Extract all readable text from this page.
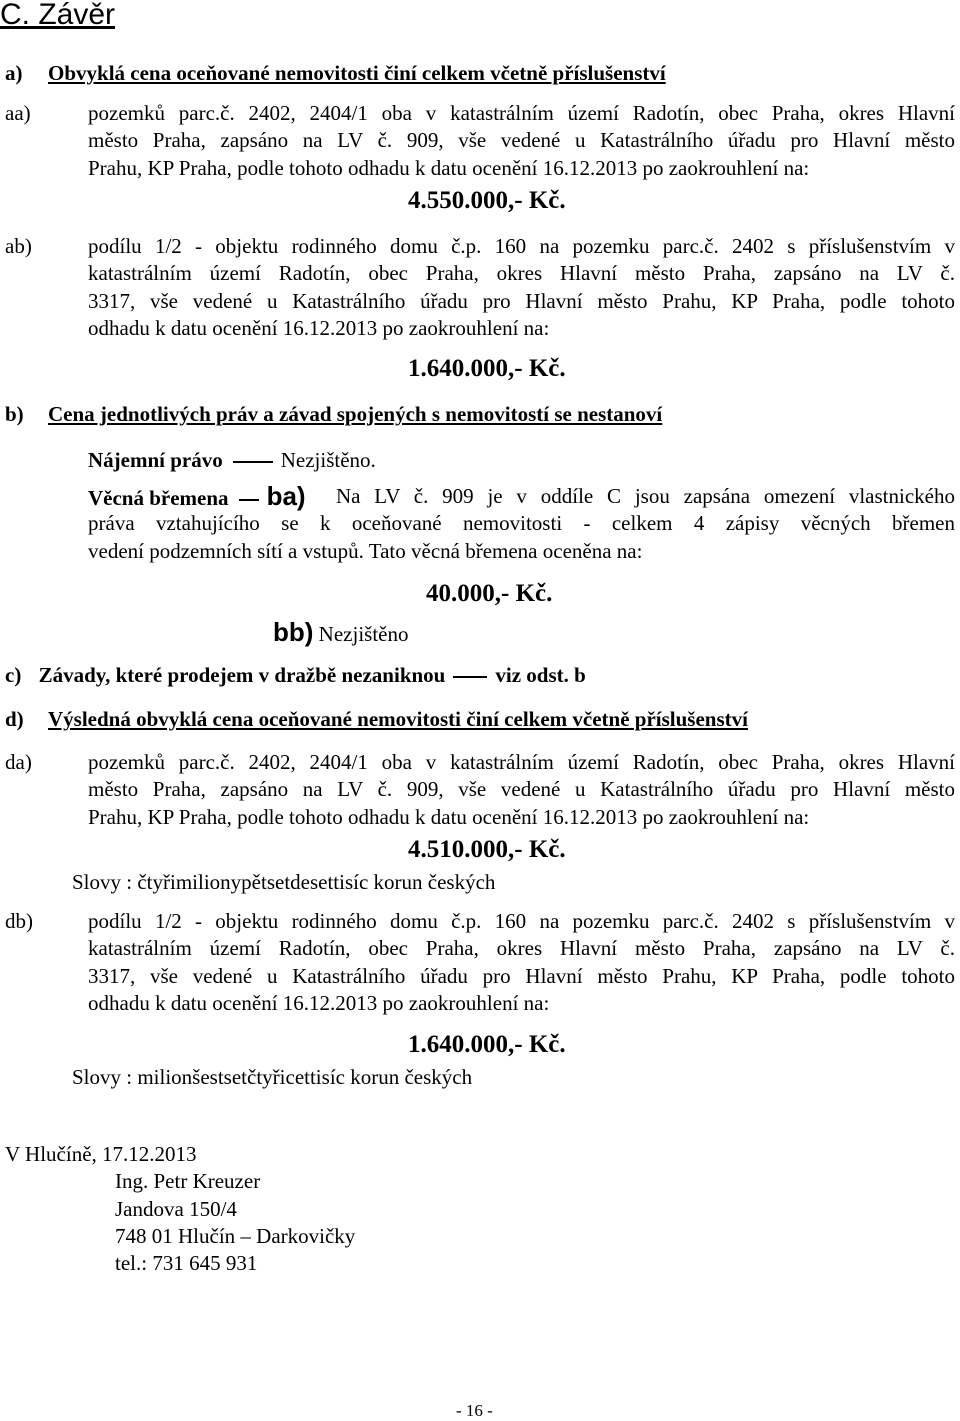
C. Závěr
a) Obvyklá cena oceňované nemovitosti činí celkem včetně příslušenství
aa)	pozemků parc.č. 2402, 2404/1 oba v katastrálním území Radotín, obec Praha, okres Hlavní
město Praha, zapsáno na LV č. 909, vše vedené u Katastrálního úřadu pro Hlavní město
Prahu, KP Praha, podle tohoto odhadu k datu ocenění 16.12.2013 po zaokrouhlení na:
4.550.000,- Kč.
ab)	podílu 1/2 - objektu rodinného domu č.p. 160 na pozemku parc.č. 2402 s příslušenstvím v
katastrálním území Radotín, obec Praha, okres Hlavní město Praha, zapsáno na LV č.
3317, vše vedené u Katastrálního úřadu pro Hlavní město Prahu, KP Praha, podle tohoto
odhadu k datu ocenění 16.12.2013 po zaokrouhlení na:
1.640.000,- Kč.
b) Cena jednotlivých práv a závad spojených s nemovitostí se nestanoví
Nájemní právo	Nezjištěno.
Věcná břemena ba) Na LV č. 909 je v oddíle C jsou zapsána omezení vlastnického
práva vztahujícího se k oceňované nemovitosti - celkem 4 zápisy věcných břemen
vedení podzemních sítí a vstupů. Tato věcná břemena oceněna na:
40.000,- Kč.
bb) Nezjištěno
c) Závady, které prodejem v dražbě nezaniknou viz odst. b
d) Výsledná obvyklá cena oceňované nemovitosti činí celkem včetně příslušenství
da)	pozemků parc.č. 2402, 2404/1 oba v katastrálním území Radotín, obec Praha, okres Hlavní
město Praha, zapsáno na LV č. 909, vše vedené u Katastrálního úřadu pro Hlavní město
Prahu, KP Praha, podle tohoto odhadu k datu ocenění 16.12.2013 po zaokrouhlení na:
4.510.000,- Kč.
Slovy : čtyřimilionypětsetdesettisíc korun českých
db)	podílu 1/2 - objektu rodinného domu č.p. 160 na pozemku parc.č. 2402 s příslušenstvím v
katastrálním území Radotín, obec Praha, okres Hlavní město Praha, zapsáno na LV č.
3317, vše vedené u Katastrálního úřadu pro Hlavní město Prahu, KP Praha, podle tohoto
odhadu k datu ocenění 16.12.2013 po zaokrouhlení na:
1.640.000,- Kč.
Slovy : milionšestsetčtyřicettisíc korun českých
V Hlučíně, 17.12.2013
Ing. Petr Kreuzer
Jandova 150/4
748 01 Hlučín – Darkovičky
tel.: 731 645 931
- 16 -
